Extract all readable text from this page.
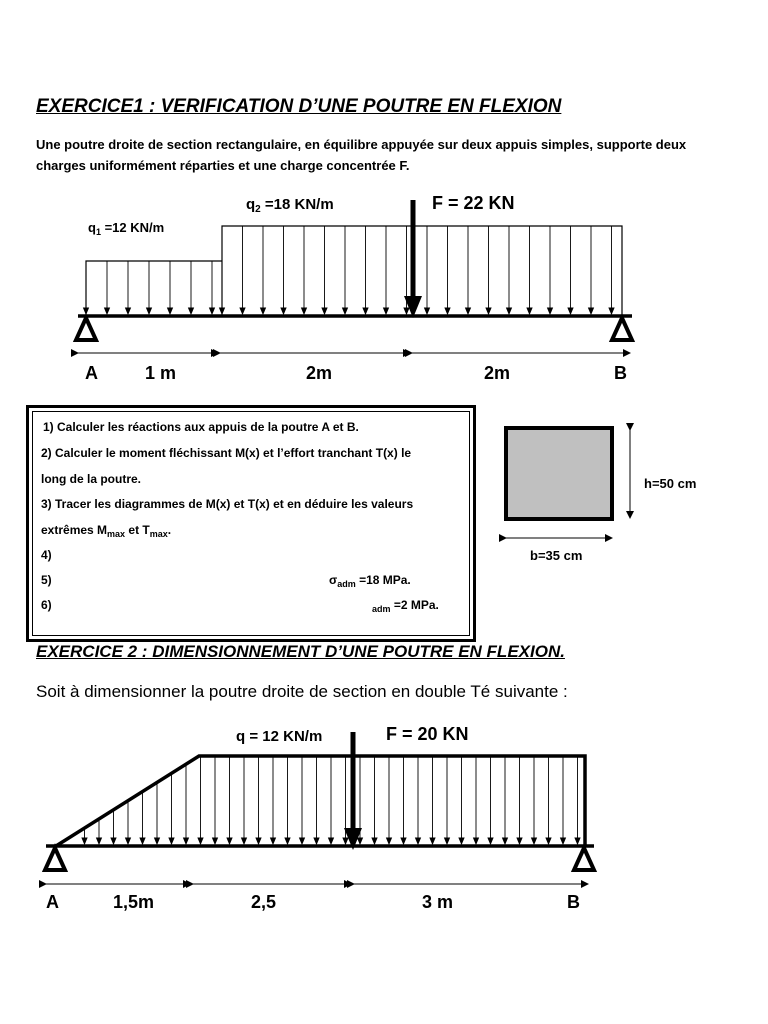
EXERCICE1 : VERIFICATION D’UNE POUTRE EN FLEXION
Une poutre droite de section rectangulaire, en équilibre appuyée sur deux appuis simples, supporte deux
charges uniformément réparties et une charge concentrée F.
$q_1 =12$ KN/m
$q_2 =18$ KN/m	F = 22 KN
A	1 m	2m	2m	B
h=50 cm
b=35 cm
q = 12 KN/m	F = 20 KN
A	1,5m	2,5	3 m	B
1) Calculer les réactions aux appuis de la poutre A et B.
2) Calculer le moment fléchissant M(x) et l’effort tranchant T(x) le
long de la poutre.
3) Tracer les diagrammes de M(x) et T(x) et en déduire les valeurs
extrêmes $M_{max}$ et $T_{max}$.
4)
5)	$\sigma_{adm} =18$ MPa.
6)	$_{adm}$ =2 MPa.
EXERCICE 2 : DIMENSIONNEMENT D’UNE POUTRE EN FLEXION.
Soit à dimensionner la poutre droite de section en double Té suivante :
